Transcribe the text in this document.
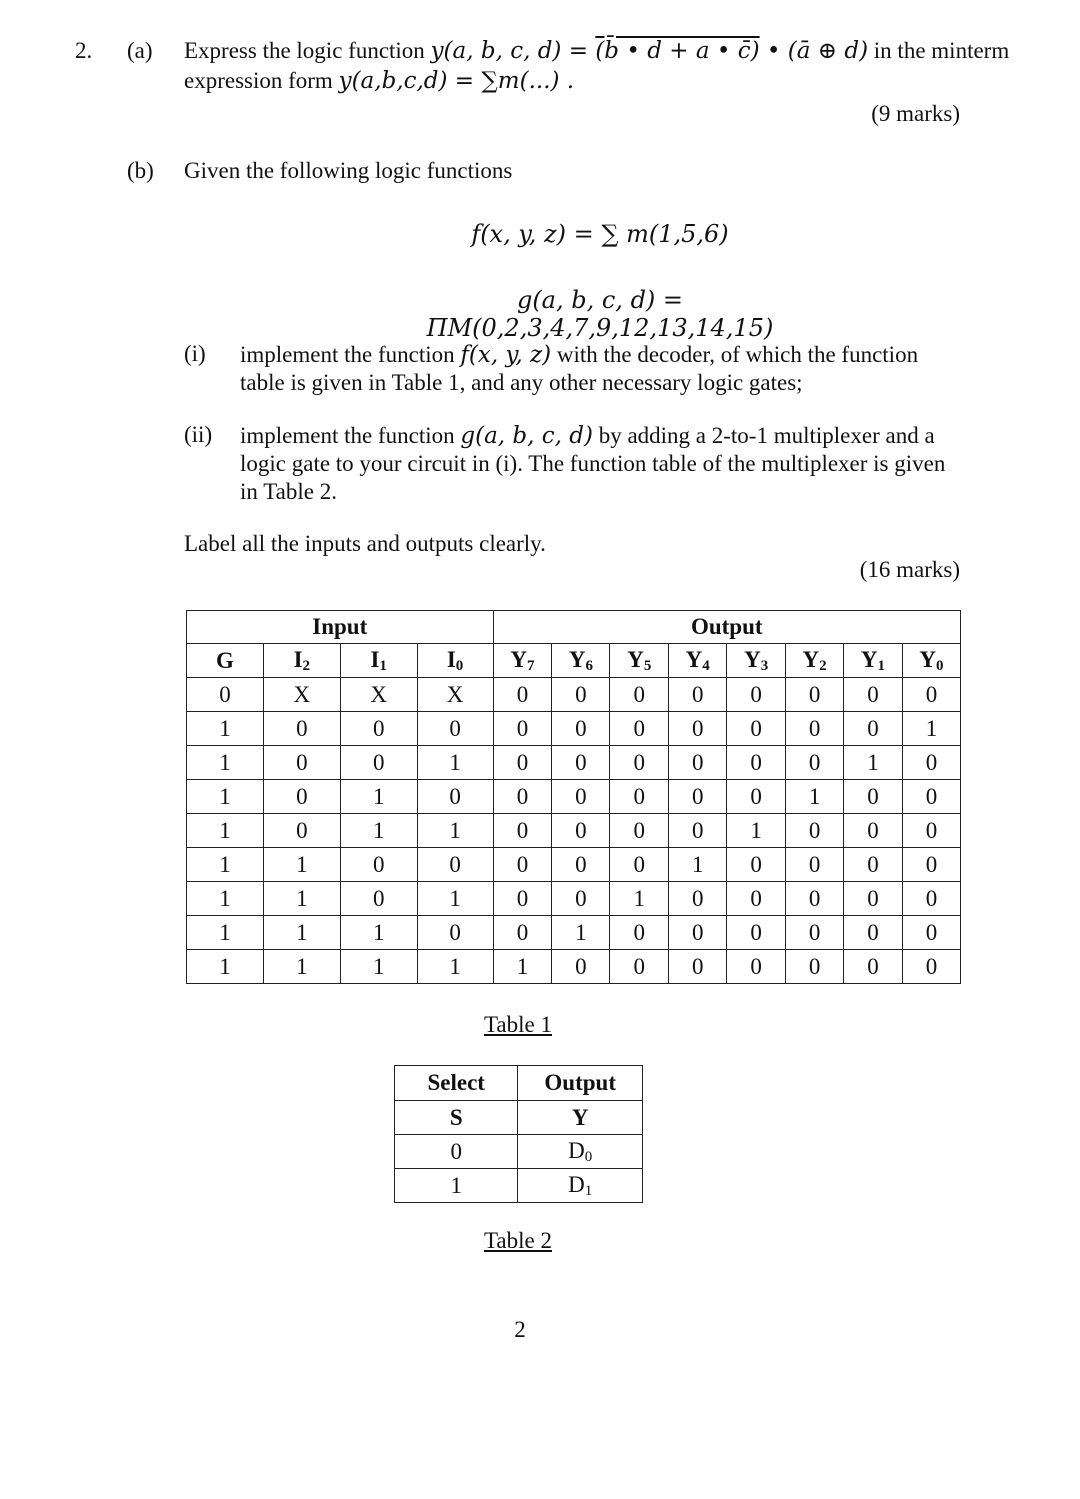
2. (a) Express the logic function y(a, b, c, d) = (b̄ • d + a • c̄) • (ā ⊕ d) in the minterm
expression form y(a,b,c,d) = ∑m(...) .
(9 marks)
(b) Given the following logic functions
f(x, y, z) = ∑ m(1,5,6)
g(a, b, c, d) = ΠM(0,2,3,4,7,9,12,13,14,15)
(i) implement the function f(x, y, z) with the decoder, of which the function
table is given in Table 1, and any other necessary logic gates;
(ii) implement the function g(a, b, c, d) by adding a 2-to-1 multiplexer and a
logic gate to your circuit in (i). The function table of the multiplexer is given
in Table 2.
Label all the inputs and outputs clearly.
(16 marks)
Input				Output							
G	$I_2$	$I_1$	$I_0$	$Y_7$	$Y_6$	$Y_5$	$Y_4$	$Y_3$	$Y_2$	$Y_1$	$Y_0$
0	X	X	X	0	0	0	0	0	0	0	0
1	0	0	0	0	0	0	0	0	0	0	1
1	0	0	1	0	0	0	0	0	0	1	0
1	0	1	0	0	0	0	0	0	1	0	0
1	0	1	1	0	0	0	0	1	0	0	0
1	1	0	0	0	0	0	1	0	0	0	0
1	1	0	1	0	0	1	0	0	0	0	0
1	1	1	0	0	1	0	0	0	0	0	0
1	1	1	1	1	0	0	0	0	0	0	0
Table 1
Select	Output
S	Y
0	$D_0$
1	$D_1$
Table 2
2
